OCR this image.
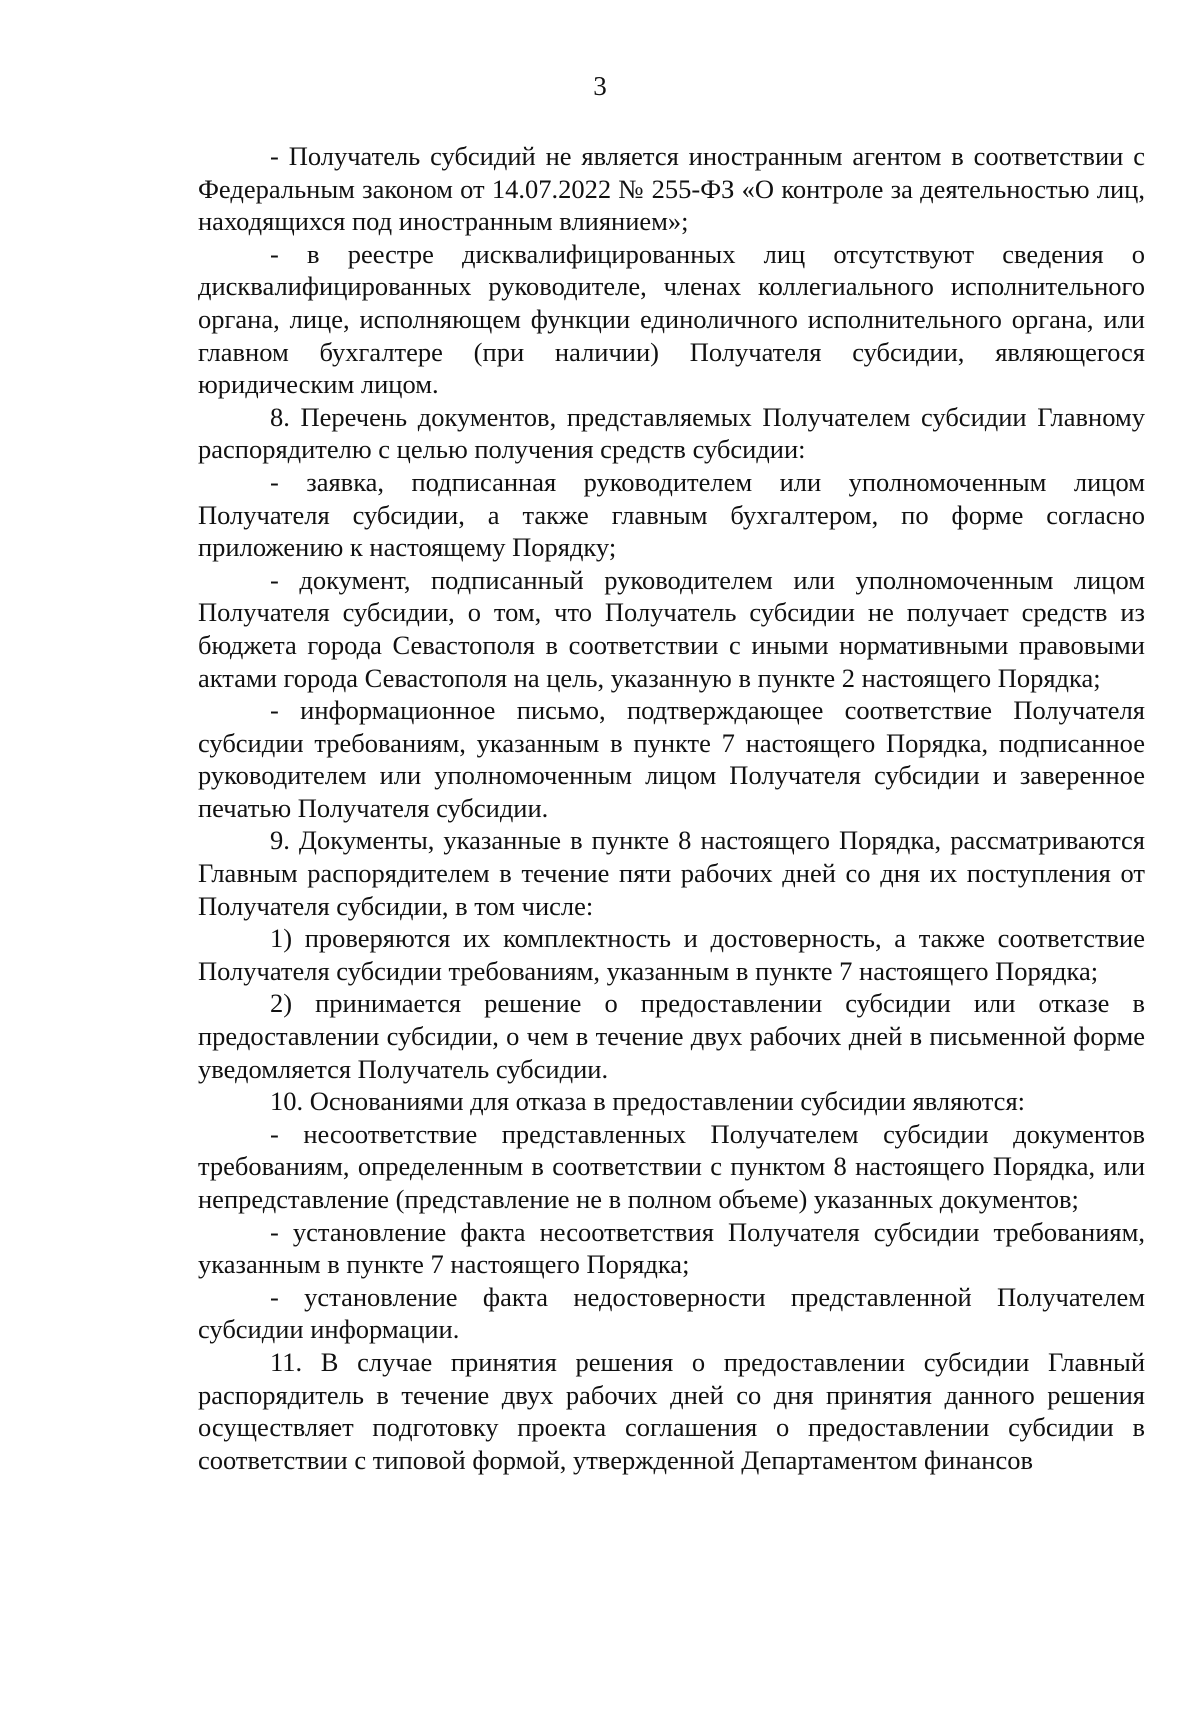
3

- Получатель субсидий не является иностранным агентом в соответствии с Федеральным законом от 14.07.2022 № 255-ФЗ «О контроле за деятельностью лиц, находящихся под иностранным влиянием»;

- в реестре дисквалифицированных лиц отсутствуют сведения о дисквалифицированных руководителе, членах коллегиального исполнительного органа, лице, исполняющем функции единоличного исполнительного органа, или главном бухгалтере (при наличии) Получателя субсидии, являющегося юридическим лицом.

8. Перечень документов, представляемых Получателем субсидии Главному распорядителю с целью получения средств субсидии:

- заявка, подписанная руководителем или уполномоченным лицом Получателя субсидии, а также главным бухгалтером, по форме согласно приложению к настоящему Порядку;

- документ, подписанный руководителем или уполномоченным лицом Получателя субсидии, о том, что Получатель субсидии не получает средств из бюджета города Севастополя в соответствии с иными нормативными правовыми актами города Севастополя на цель, указанную в пункте 2 настоящего Порядка;

- информационное письмо, подтверждающее соответствие Получателя субсидии требованиям, указанным в пункте 7 настоящего Порядка, подписанное руководителем или уполномоченным лицом Получателя субсидии и заверенное печатью Получателя субсидии.

9. Документы, указанные в пункте 8 настоящего Порядка, рассматриваются Главным распорядителем в течение пяти рабочих дней со дня их поступления от Получателя субсидии, в том числе:

1) проверяются их комплектность и достоверность, а также соответствие Получателя субсидии требованиям, указанным в пункте 7 настоящего Порядка;

2) принимается решение о предоставлении субсидии или отказе в предоставлении субсидии, о чем в течение двух рабочих дней в письменной форме уведомляется Получатель субсидии.

10. Основаниями для отказа в предоставлении субсидии являются:

- несоответствие представленных Получателем субсидии документов требованиям, определенным в соответствии с пунктом 8 настоящего Порядка, или непредставление (представление не в полном объеме) указанных документов;

- установление факта несоответствия Получателя субсидии требованиям, указанным в пункте 7 настоящего Порядка;

- установление факта недостоверности представленной Получателем субсидии информации.

11. В случае принятия решения о предоставлении субсидии Главный распорядитель в течение двух рабочих дней со дня принятия данного решения осуществляет подготовку проекта соглашения о предоставлении субсидии в соответствии с типовой формой, утвержденной Департаментом финансов
